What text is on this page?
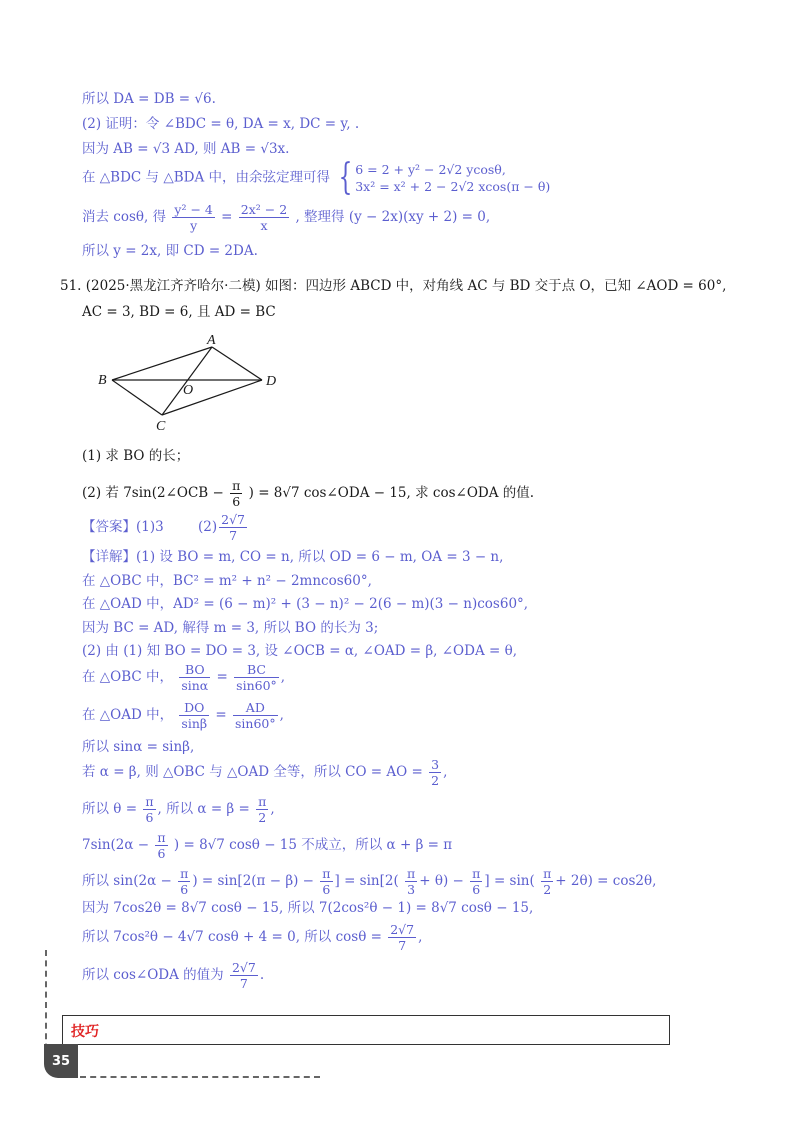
所以 DA = DB = √6.
(2) 证明：令 ∠BDC = θ, DA = x, DC = y, .
因为 AB = √3 AD, 则 AB = √3x.
在 △BDC 与 △BDA 中，由余弦定理可得 { 6 = 2 + y² − 2√2 ycosθ,
3x² = x² + 2 − 2√2 xcos(π − θ)
消去 cosθ, 得 $\frac{\text{y² − 4}}{y} = \frac{\text{2x² − 2}}{x}$ , 整理得 (y − 2x)(xy + 2) = 0,
所以 y = 2x, 即 CD = 2DA.
51. (2025·黑龙江齐齐哈尔·二模) 如图：四边形 ABCD 中，对角线 AC 与 BD 交于点 O，已知 ∠AOD = 60°,
AC = 3, BD = 6, 且 AD = BC
A
B
C
D
O
(1) 求 BO 的长；
(2) 若 7sin(2∠OCB − $\frac{\pi}{6}$ ) = 8√7 cos∠ODA − 15, 求 cos∠ODA 的值.
【答案】(1)3	$(2) \frac{2√7}{7}$
【详解】(1) 设 BO = m, CO = n, 所以 OD = 6 − m, OA = 3 − n,
在 △OBC 中，BC² = m² + n² − 2mncos60°,
在 △OAD 中，AD² = (6 − m)² + (3 − n)² − 2(6 − m)(3 − n)cos60°,
因为 BC = AD, 解得 m = 3, 所以 BO 的长为 3;
(2) 由 (1) 知 BO = DO = 3, 设 ∠OCB = α, ∠OAD = β, ∠ODA = θ,
在 △OBC 中， $\frac{BO}{\sin\alpha} = \frac{BC}{\sin 60^\circ}$ ,
在 △OAD 中， $\frac{DO}{\sin\beta} = \frac{AD}{\sin 60^\circ}$ ,
所以 sinα = sinβ,
若 α = β, 则 △OBC 与 △OAD 全等，所以 CO = AO = $\frac{3}{2}$ ,
所以 $\theta = \frac{\pi}{6}$ , 所以 $\alpha = \beta = \frac{\pi}{2}$ ,
$7\sin(2\alpha - \frac{\pi}{6}$ ) = 8√7 cosθ − 15 不成立，所以 α + β = π
所以 $\sin(2\alpha - \frac{\pi}{6}$ ) = $\sin[2(\pi - \beta) - \frac{\pi}{6}$ ] = $\sin[2( \frac{\pi}{3} + \theta) - \frac{\pi}{6}$ ] = $\sin( \frac{\pi}{2} + 2\theta) = \cos 2\theta$,
因为 7cos2θ = 8√7 cosθ − 15, 所以 7(2cos²θ − 1) = 8√7 cosθ − 15,
所以 7cos²θ − 4√7 cosθ + 4 = 0, 所以 $\cos\theta = \frac{2√7}{7}$ ,
所以 cos∠ODA 的值为 $\frac{2√7}{7}$ .
技巧
35
